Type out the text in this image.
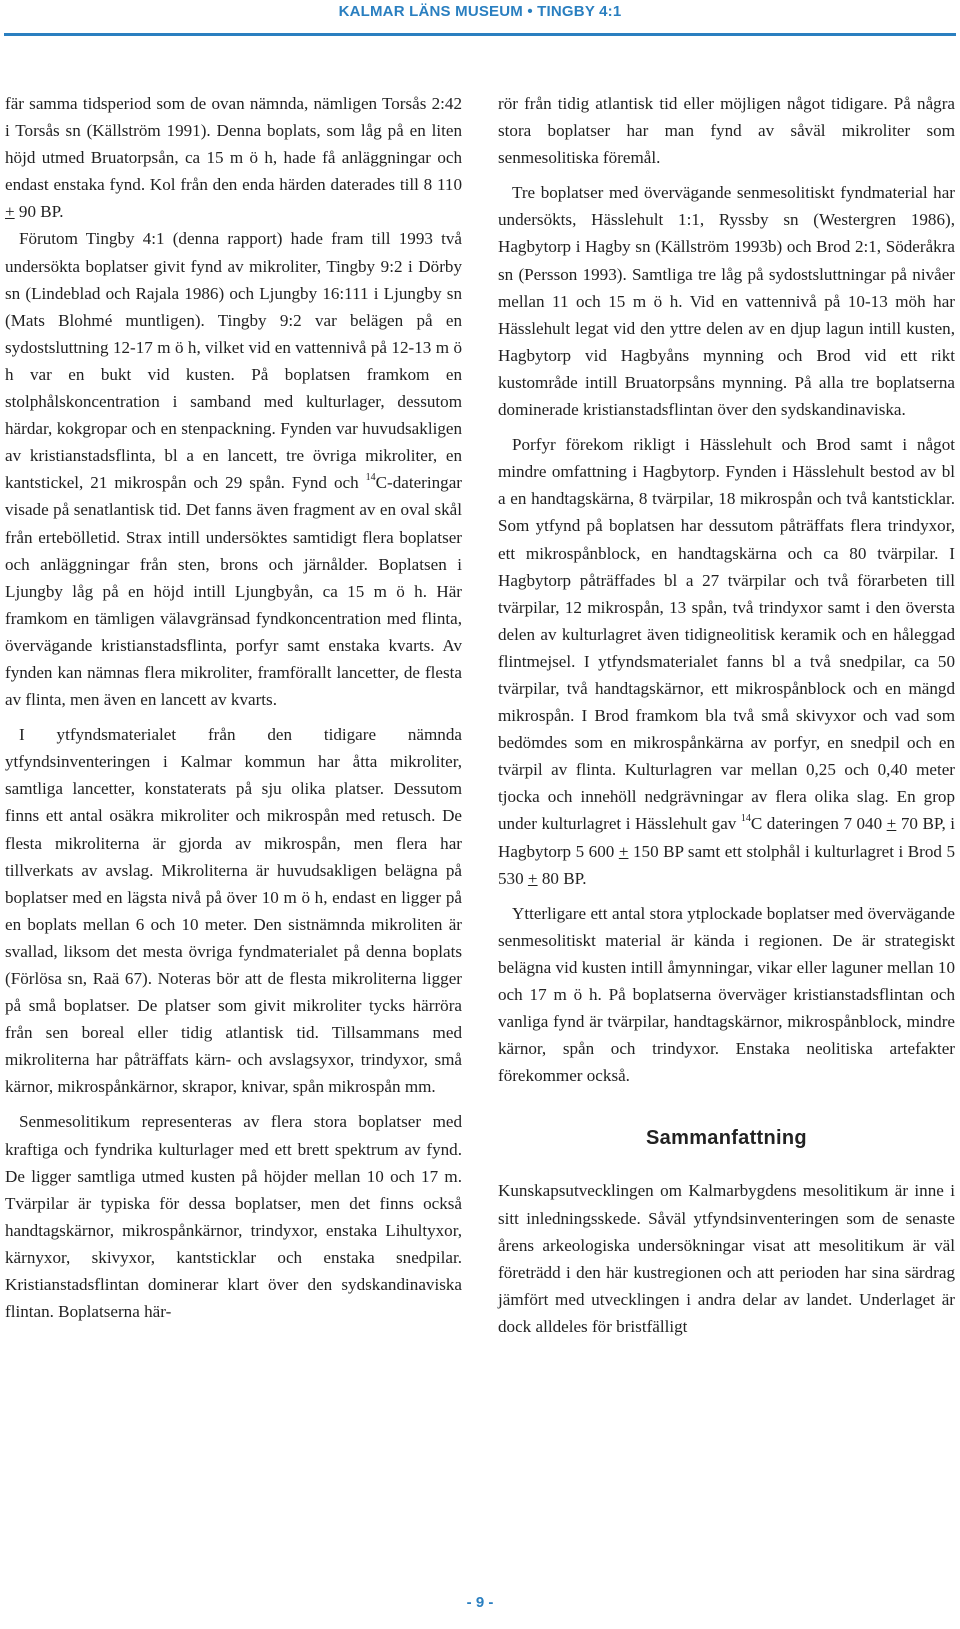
KALMAR LÄNS MUSEUM • TINGBY 4:1

fär samma tidsperiod som de ovan nämnda, nämligen Torsås 2:42 i Torsås sn (Källström 1991). Denna boplats, som låg på en liten höjd utmed Bruatorpsån, ca 15 m ö h, hade få anläggningar och endast enstaka fynd. Kol från den enda härden daterades till 8 110 + 90 BP.

Förutom Tingby 4:1 (denna rapport) hade fram till 1993 två undersökta boplatser givit fynd av mikroliter, Tingby 9:2 i Dörby sn (Lindeblad och Rajala 1986) och Ljungby 16:111 i Ljungby sn (Mats Blohmé muntligen). Tingby 9:2 var belägen på en sydostsluttning 12-17 m ö h, vilket vid en vattennivå på 12-13 m ö h var en bukt vid kusten. På boplatsen framkom en stolphålskoncentration i samband med kulturlager, dessutom härdar, kokgropar och en stenpackning. Fynden var huvudsakligen av kristianstadsflinta, bl a en lancett, tre övriga mikroliter, en kantstickel, 21 mikrospån och 29 spån. Fynd och $^{14}$C-dateringar visade på senatlantisk tid. Det fanns även fragment av en oval skål från ertebölletid. Strax intill undersöktes samtidigt flera boplatser och anläggningar från sten, brons och järnålder. Boplatsen i Ljungby låg på en höjd intill Ljungbyån, ca 15 m ö h. Här framkom en tämligen välavgränsad fyndkoncentration med flinta, övervägande kristianstadsflinta, porfyr samt enstaka kvarts. Av fynden kan nämnas flera mikroliter, framförallt lancetter, de flesta av flinta, men även en lancett av kvarts.

I ytfyndsmaterialet från den tidigare nämnda ytfyndsinventeringen i Kalmar kommun har åtta mikroliter, samtliga lancetter, konstaterats på sju olika platser. Dessutom finns ett antal osäkra mikroliter och mikrospån med retusch. De flesta mikroliterna är gjorda av mikrospån, men flera har tillverkats av avslag. Mikroliterna är huvudsakligen belägna på boplatser med en lägsta nivå på över 10 m ö h, endast en ligger på en boplats mellan 6 och 10 meter. Den sistnämnda mikroliten är svallad, liksom det mesta övriga fyndmaterialet på denna boplats (Förlösa sn, Raä 67). Noteras bör att de flesta mikroliterna ligger på små boplatser. De platser som givit mikroliter tycks härröra från sen boreal eller tidig atlantisk tid. Tillsammans med mikroliterna har påträffats kärn- och avslagsyxor, trindyxor, små kärnor, mikrospånkärnor, skrapor, knivar, spån mikrospån mm.

Senmesolitikum representeras av flera stora boplatser med kraftiga och fyndrika kulturlager med ett brett spektrum av fynd. De ligger samtliga utmed kusten på höjder mellan 10 och 17 m. Tvärpilar är typiska för dessa boplatser, men det finns också handtagskärnor, mikrospånkärnor, trindyxor, enstaka Lihultyxor, kärnyxor, skivyxor, kantsticklar och enstaka snedpilar. Kristianstadsflintan dominerar klart över den sydskandinaviska flintan. Boplatserna här-

rör från tidig atlantisk tid eller möjligen något tidigare. På några stora boplatser har man fynd av såväl mikroliter som senmesolitiska föremål.

Tre boplatser med övervägande senmesolitiskt fyndmaterial har undersökts, Hässlehult 1:1, Ryssby sn (Westergren 1986), Hagbytorp i Hagby sn (Källström 1993b) och Brod 2:1, Söderåkra sn (Persson 1993). Samtliga tre låg på sydostsluttningar på nivåer mellan 11 och 15 m ö h. Vid en vattennivå på 10-13 möh har Hässlehult legat vid den yttre delen av en djup lagun intill kusten, Hagbytorp vid Hagbyåns mynning och Brod vid ett rikt kustområde intill Bruatorpsåns mynning. På alla tre boplatserna dominerade kristianstadsflintan över den sydskandinaviska.

Porfyr förekom rikligt i Hässlehult och Brod samt i något mindre omfattning i Hagbytorp. Fynden i Hässlehult bestod av bl a en handtagskärna, 8 tvärpilar, 18 mikrospån och två kantsticklar. Som ytfynd på boplatsen har dessutom påträffats flera trindyxor, ett mikrospånblock, en handtagskärna och ca 80 tvärpilar. I Hagbytorp påträffades bl a 27 tvärpilar och två förarbeten till tvärpilar, 12 mikrospån, 13 spån, två trindyxor samt i den översta delen av kulturlagret även tidigneolitisk keramik och en håleggad flintmejsel. I ytfyndsmaterialet fanns bl a två snedpilar, ca 50 tvärpilar, två handtagskärnor, ett mikrospånblock och en mängd mikrospån. I Brod framkom bla två små skivyxor och vad som bedömdes som en mikrospånkärna av porfyr, en snedpil och en tvärpil av flinta. Kulturlagren var mellan 0,25 och 0,40 meter tjocka och innehöll nedgrävningar av flera olika slag. En grop under kulturlagret i Hässlehult gav $^{14}$C dateringen 7 040 + 70 BP, i Hagbytorp 5 600 + 150 BP samt ett stolphål i kulturlagret i Brod 5 530 + 80 BP.

Ytterligare ett antal stora ytplockade boplatser med övervägande senmesolitiskt material är kända i regionen. De är strategiskt belägna vid kusten intill åmynningar, vikar eller laguner mellan 10 och 17 m ö h. På boplatserna överväger kristianstadsflintan och vanliga fynd är tvärpilar, handtagskärnor, mikrospånblock, mindre kärnor, spån och trindyxor. Enstaka neolitiska artefakter förekommer också.

Sammanfattning

Kunskapsutvecklingen om Kalmarbygdens mesolitikum är inne i sitt inledningsskede. Såväl ytfyndsinventeringen som de senaste årens arkeologiska undersökningar visat att mesolitikum är väl företrädd i den här kustregionen och att perioden har sina särdrag jämfört med utvecklingen i andra delar av landet. Underlaget är dock alldeles för bristfälligt

- 9 -
